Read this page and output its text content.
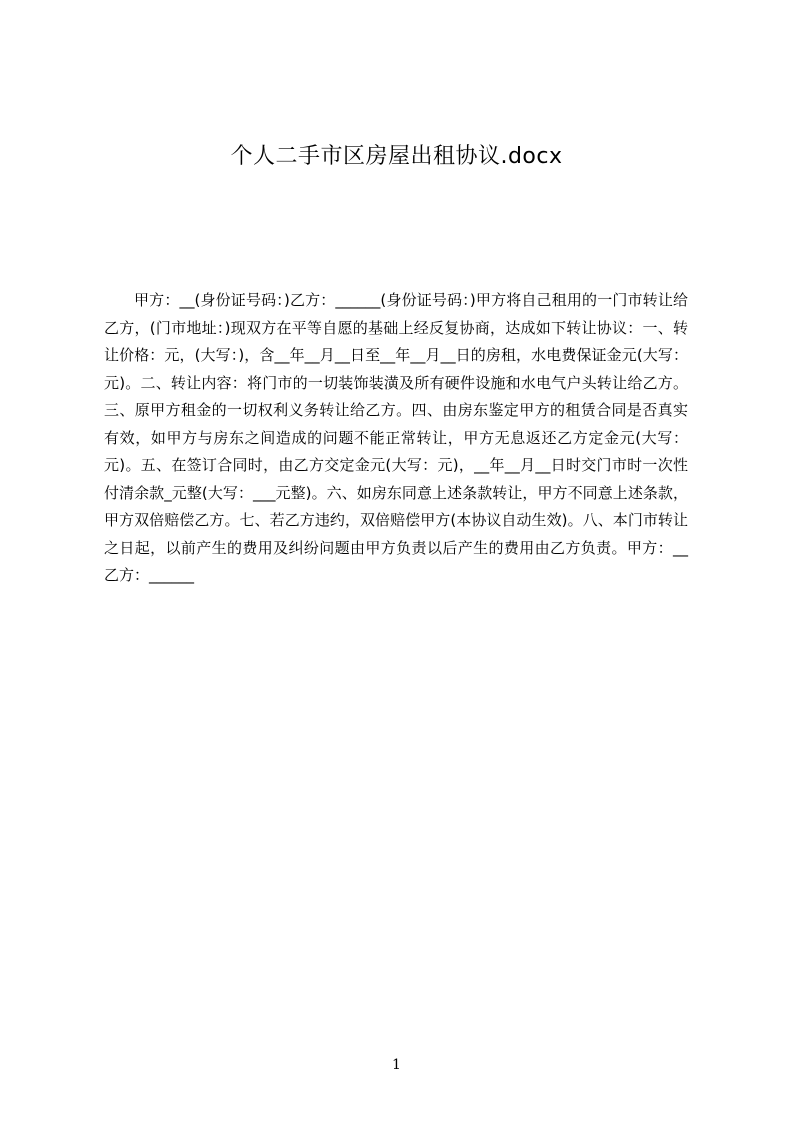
个人二手市区房屋出租协议.docx
甲方：__(身份证号码：)乙方：______(身份证号码：)甲方将自己租用的一门市转让给乙方，(门市地址：)现双方在平等自愿的基础上经反复协商，达成如下转让协议：一、转让价格：元，(大写：)，含__年__月__日至__年__月__日的房租，水电费保证金元(大写：元)。二、转让内容：将门市的一切装饰装潢及所有硬件设施和水电气户头转让给乙方。三、原甲方租金的一切权利义务转让给乙方。四、由房东鉴定甲方的租赁合同是否真实有效，如甲方与房东之间造成的问题不能正常转让，甲方无息返还乙方定金元(大写：元)。五、在签订合同时，由乙方交定金元(大写：元)，__年__月__日时交门市时一次性付清余款_元整(大写：___元整)。六、如房东同意上述条款转让，甲方不同意上述条款，甲方双倍赔偿乙方。七、若乙方违约，双倍赔偿甲方(本协议自动生效)。八、本门市转让之日起，以前产生的费用及纠纷问题由甲方负责以后产生的费用由乙方负责。甲方：__乙方：______
1
